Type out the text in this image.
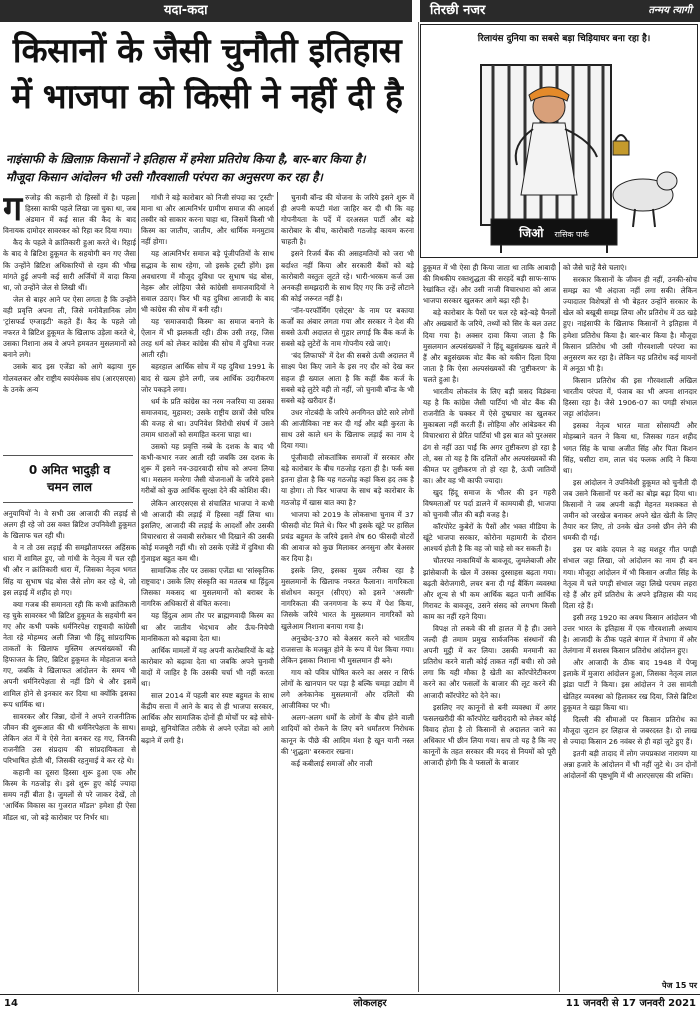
यदा-कदा	तिरछी नजर	तन्मय त्यागी
किसानों के जैसी चुनौती इतिहास
में भाजपा को किसी ने नहीं दी है
रिलायंस दुनिया का सबसे बड़ा चिड़ियाघर बना रहा है।
जिओ रासिक पार्क
नाइंसाफी के ख़िलाफ़ किसानों ने इतिहास में हमेशा प्रतिरोध किया है, बार-बार किया है।
मौजूदा किसान आंदोलन भी उसी गौरवशाली परंपरा का अनुसरण कर रहा है।
ग रुजोड़ की कहानी दो हिस्सों में है। पहला हिस्सा काफी पहले लिखा जा चुका था, जब अंडमान में कई साल की कैद के बाद विनायक दामोदर सावरकर को रिहा कर दिया गया।

कैद के पहले वे क्रांतिकारी हुआ करते थे। रिहाई के बाद वे ब्रिटिश हुकूमत के सहयोगी बन गए जैसा कि उन्होंने ब्रिटिश अधिकारियों से रहम की भीख मांगते हुई अपनी कई सारी अर्जियों में वादा किया था, जो उन्होंने जेल से लिखी थीं।

जेल से बाहर आने पर ऐसा लगता है कि उन्होंने वही प्रवृत्ति अपना ली, जिसे मनोवैज्ञानिक लोग 'ट्रांसफर्ड एग्जाइटी' कहते हैं। कैद के पहले जो नफरत वे ब्रिटिश हुकूमत के खिलाफ उड़ेला करते थे, उसका निशाना अब वे अपने हमवतन मुसलमानों को बनाने लगे।

उसके बाद इस एजेंडा को आगे बढ़ाया गुरु गोलवलकर और राष्ट्रीय स्वयंसेवक संघ (आरएसएस) के उनके अन्य

0 अमित भादुड़ी व
चमन लाल

अनुयायियों ने। वे सभी उस आजादी की लड़ाई से अलग ही रहे जो उस वक्त ब्रिटिश उपनिवेशी हुकूमत के खिलाफ चल रही थी।

वे न तो उस लड़ाई की समझौतापरस्त अहिंसक धारा में शामिल हुए, जो गांधी के नेतृत्व में चल रही थी और न क्रांतिकारी धारा में, जिसका नेतृत्व भगत सिंह या सुभाष चंद्र बोस जैसे लोग कर रहे थे, जो इस लड़ाई में शहीद हो गए।

क्या गजब की समानता रही कि कभी क्रांतिकारी रह चुके सावरकर भी ब्रिटिश हुकूमत के सहयोगी बन गए और कभी पक्के धर्मनिरपेक्ष राष्ट्रवादी कांग्रेसी नेता रहे मोहम्मद अली जिन्ना भी हिंदू सांप्रदायिक ताकतों के खिलाफ मुस्लिम अल्पसंख्यकों की हिफाजत के लिए, ब्रिटिश हुकूमत के मोहताज बनते गए, जबकि वे खिलाफत आंदोलन के समय भी अपनी धर्मनिरपेक्षता से नहीं डिगे थे और इसमें शामिल होने से इनकार कर दिया था क्योंकि इसका रूप धार्मिक था।

सावरकर और जिन्ना, दोनों ने अपने राजनीतिक जीवन की शुरूआत की थी धर्मनिरपेक्षता के साथ। लेकिन अंत में वे ऐसे नेता बनकर रह गए, जिनकी राजनीति उस संप्रदाय की सांप्रदायिकता से परिभाषित होती थी, जिसकी रहनुमाई वे कर रहे थे।

कहानी का दूसरा हिस्सा शुरू हुआ एक और किस्म के गठजोड़ से। इसे शुरू हुए कोई ज्यादा समय नहीं बीता है। जुमलों से परे जाकर देखें, तो 'आर्थिक विकास का गुजरात मॉडल' हमेशा ही ऐसा मॉडल था, जो बड़े कारोबार पर निर्भर था।

गांधी ने बड़े कारोबार को निजी संपदा का 'ट्रस्टी' माना था और आत्मनिर्भर ग्रामीण समाज की आदर्श तस्वीर को साकार करना चाहा था, जिसमें किसी भी किस्म का जातीय, जातीय, और धार्मिक मनमुटाव नहीं होगा।

यह आत्मनिर्भर समाज बड़े पूंजीपतियों के साथ सद्भाव के साथ रहेगा, जो इसके ट्रस्टी होंगे। इस अवधारणा में मौजूद दुविधा पर सुभाष चंद्र बोस, नेहरू और लोहिया जैसे कांग्रेसी समाजवादियों ने सवाल उठाए। फिर भी यह दुविधा आजादी के बाद भी कांग्रेस की सोच में बनी रही।

यह 'समाजवादी किस्म' का समाज बनाने के ऐलान में भी झलकती रही। ठीक उसी तरह, जिस तरह धर्म को लेकर कांग्रेस की सोच में दुविधा नजर आती रही।

बहरहाल आर्थिक सोच में यह दुविधा 1991 के बाद से खत्म होने लगी, जब आर्थिक उदारीकरण जोर पकड़ने लगा।

धर्म के प्रति कांग्रेस का नरम नजरिया या उसका समाजवाद, मुहावरा; उसके राष्ट्रीय छात्रों जैसे चरित्र की वजह से था। उपनिवेश विरोधी संघर्ष में उसने तमाम धाराओं को समाहित करना चाहा था।

उसको यह प्रवृत्ति नब्बे के दशक के बाद भी कभी-कभार नजर आती रही जबकि उस दशक के शुरू में इसने नव-उदारवादी सोच को अपना लिया था। मसलन मनरेगा जैसी योजनाओं के जरिये इसने गरीबों को कुछ आर्थिक सुरक्षा देने की कोशिश की।

लेकिन आरएसएस से संचालित भाजपा ने कभी भी आजादी की लड़ाई में हिस्सा नहीं लिया था। इसलिए, आजादी की लड़ाई के आदर्शों और उसकी विचारधारा से जवाबी सरोकार भी दिखाने की उसकी कोई मजबूरी नहीं थी। सो उसके एजेंडे में दुविधा की गुंजाइश बहुत कम थी।

सामाजिक तौर पर उसका एजेंडा था 'सांस्कृतिक राष्ट्रवाद'। उसके लिए संस्कृति का मतलब था हिंदुत्व जिसका मकसद था मुसलमानों को बराबर के नागरिक अधिकारों से वंचित करना।

यह हिंदुत्व आम तौर पर ब्राह्मणवादी किस्म का था और जातीय भेदभाव और ऊँच-निचेपी मानसिकता को बढ़ावा देता था।

आर्थिक मामलों में यह अपनी कारोबारियों के बड़े कारोबार को बढ़ावा देता था जबकि अपने चुनावी वादों में जाहिर है कि उसकी चर्चा भी नहीं करता था।

साल 2014 में पहली बार स्पष्ट बहुमत के साथ केंद्रीय सत्ता में आने के बाद से ही भाजपा सरकार, आर्थिक और सामाजिक दोनों ही मोर्चों पर बड़े सोचे-समझे, सुनियोजित तरीके से अपने एजेंडा को आगे बढ़ाने में लगी है।

चुनावी बॉन्ड की योजना के जरिये इसने शुरू में ही अपनी कपटी मंशा जाहिर कर दी थी कि वह गोपनीयता के पर्दे में दरअसल पार्टी और बड़े कारोबार के बीच, कारोबारी गठजोड़ कायम करना चाहती है।

इसने रिजर्व बैंक की असहमतियों को जरा भी बर्दाश्त नहीं किया और सरकारी बैंकों को बड़े कारोबारी वस्तुतः लूटते रहे। भारी-भरकम कर्ज उस अनकही समझदारी के साथ दिए गए कि उन्हें लौटाने की कोई जरूरत नहीं है।

'नॉन-परफॉर्मिंग एसेट्स' के नाम पर बकाया कर्जों का अंबार लगता गया और सरकार ने देश की सबसे ऊंची अदालत से गुहार लगाई कि बैंक कर्ज के सबसे बड़े लुटेरों के नाम गोपनीय रखे जाएं।

'बंद लिफाफों' में देश की सबसे ऊंची अदालत में साक्ष्य पेश किए जाने के इस नए दौर को देख कर सहज ही ख्याल आता है कि कहीं बैंक कर्ज के सबसे बड़े लुटेरे वही तो नहीं, जो चुनावी बॉन्ड के भी सबसे बड़े खरीदार हैं।

उधर नोटबंदी के जरिये अनगिनत छोटे सारे लोगों की आजीविका नष्ट कर दी गई और बड़ी कुरता के साथ उसे काले धन के खिलाफ लड़ाई का नाम दे दिया गया।

पूंजीवादी लोकतांत्रिक समाजों में सरकार और बड़े कारोबार के बीच गठजोड़ रहता ही है। फर्क बस इतना होता है कि यह गठजोड़ कहां किस हद तक है या होगा। तो फिर भाजपा के साथ बड़े कारोबार के गठजोड़ में खास बात क्या है?

भाजपा को 2019 के लोकसभा चुनाव में 37 फीसदी वोट मिले थे। फिर भी इसके खूंटे पर हासिल प्रचंड बहुमत के जरिये इसने शेष 60 फीसदी वोटरों की आवाज को कुछ मिलाकर अनसुना और बेअसर कर दिया है।

इसके लिए, इसका मुख्य तरीका रहा है मुसलमानों के खिलाफ नफरत फैलाना। नागरिकता संशोधन कानून (सीएए) को इसने 'असली' नागरिकता की जनगणना के रूप में पेश किया, जिसके जरिये भारत के मुसलमान नागरिकों को खुलेआम निशाना बनाया गया है।

अनुच्छेद-370 को बेअसर करने को भारतीय राजसत्ता के मजबूत होने के रूप में पेश किया गया। लेकिन इसका निशाना भी मुसलमान ही बने।

गाय को पवित्र घोषित करने का असर न सिर्फ लोगों के खानपान पर पड़ा है बल्कि चमड़ा उद्योग में लगे अनेकानेक मुसलमानों और दलितों की आजीविका पर भी।

अलग-अलग धर्मों के लोगों के बीच होने वाली शादियों को रोकने के लिए बने धर्मांतरण निरोधक कानून के पीछे की आदिम मंशा है खून यानी नस्ल की 'शुद्धता' बरकरार रखना।

कई कबीलाई समाजों और नाजी

हुकूमत में भी ऐसा ही किया जाता था ताकि आबादी की मिथकीय रक्तशुद्धता की सरहदें बड़ी साफ-साफ रेखांकित रहें। और उसी नाजी विचारधारा को आज भाजपा सरकार खुलकर आगे बढ़ा रही है।

बड़े कारोबार के पैसों पर चल रहे बड़े-बड़े चैनलों और अखबारों के जरिये, तथ्यों को सिर के बल उलट दिया गया है। अक्सर दावा किया जाता है कि मुसलमान अल्पसंख्यकों ने हिंदू बहुसंख्यक खतरे में हैं और बहुसंख्यक वोट बैंक को यकीन दिला दिया जाता है कि ऐसा अल्पसंख्यकों की 'तुष्टीकरण' के चलते हुआ है।

भारतीय लोकतंत्र के लिए बड़ी त्रासद विडंबना यह है कि कांग्रेस जैसी पार्टियां भी वोट बैंक की राजनीति के चक्कर में ऐसे दुष्प्रचार का खुलकर मुकाबला नहीं करती हैं। लोहिया और आंबेडकर की विचारधारा से प्रेरित पार्टियां भी इस बात को पुरअसर ढंग से नहीं उठा पाईं कि अगर तुष्टीकरण हो रहा है तो, बस तो यह है कि दलितों और अल्पसंख्यकों की कीमत पर तुष्टीकरण तो हो रहा है, ऊंची जातियों का। और वह भी काफी ज्यादा।

खुद हिंदू समाज के भीतर की इन गहरी विषमताओं पर पर्दा डालने में कामयाबी ही, भाजपा को चुनावी जीत की बड़ी वजह है।

कॉरपोरेट कुबेरों के पैसों और भक्त मीडिया के खूंटे भाजपा सरकार, कोरोना महामारी के दौरान आश्चर्य होती है कि वह जो चाहे सो कर सकती है।

चौतरफा नाकामियों के बावजूद, जुमलेबाजी और झांसेबाजी के खेल में उसका दुस्साहस बढ़ता गया। बढ़ती बेरोजगारी, लचर बना दी गई बैंकिंग व्यवस्था और शून्य से भी कम आर्थिक बढ़त पानी आर्थिक गिरावट के बावजूद, उसने संसद को लगभग किसी काम का नहीं रहने दिया।

विपक्ष तो लकवे की सी हालत में है ही। उसने जल्दी ही तमाम प्रमुख सार्वजनिक संस्थानों की अपनी मुट्ठी में कर लिया। उसकी मनमानी का प्रतिरोध करने वाली कोई ताकत नहीं बची। सो उसे लगा कि यही मौका है खेती का कॉरपोरेटीकरण करने का और फसलों के बाजार की लूट करने की आजादी कॉरपोरेट को देने का।

इसलिए नए कानूनों से बनी व्यवस्था में अगर फसलखरीदी की कॉरपोरेट खरीददारी को लेकर कोई विवाद होता है तो किसानों से अदालत जाने का अधिकार भी छीन लिया गया। सच तो यह है कि नए कानूनों के तहत सरकार की मदद से नियमों को पूरी आजादी होगी कि वे फसलों के बाजार

को जैसे चाहें वैसे चलाएं।

सरकार किसानों के जीवन ही नहीं, उनकी-सोच समझ का भी अंदाजा नहीं लगा सकी। लेकिन ज्यादातर विशेषज्ञों से भी बेहतर उन्होंने सरकार के खेल को बखूबी समझ लिया और प्रतिरोध में उठ खड़े हुए। नाइंसाफी के खिलाफ किसानों ने इतिहास में हमेशा प्रतिरोध किया है। बार-बार किया है। मौजूदा किसान प्रतिरोध भी उसी गौरवशाली परंपरा का अनुसरण कर रहा है। लेकिन यह प्रतिरोध कई मायनों में अनूठा भी है।

किसान प्रतिरोध की इस गौरवशाली अखिल भारतीय परंपरा में, पंजाब का भी अपना शानदार हिस्सा रहा है। जैसे 1906-07 का पगड़ी संभाल जट्टा आंदोलन।

इसका नेतृत्व भारत माता सोसायटी और मोहब्बाने वतन ने किया था, जिसका गठन शहीद भगत सिंह के चाचा अजीत सिंह और पिता किशन सिंह, घसीटा राम, लाल चंद फलक आदि ने किया था।

इस आंदोलन ने उपनिवेशी हुकूमत को चुनौती दी जब उसने किसानों पर करों का बोझ बढ़ा दिया था। किसानों ने जब अपनी कड़ी मेहनत मशक्कत से जमीन को जरखेज बनाकर अपने खेत खेती के लिए तैयार कर लिए, तो उनके खेत उनसे छीन लेने की धमकी दी गई।

इस पर बांके दयाल ने वह मशहूर गीत पगड़ी संभाल जट्टा लिखा, जो आंदोलन का नाम ही बन गया। मौजूदा आंदोलन में भी किसान अजीत सिंह के नेतृत्व में चले पगड़ी संभाल जट्टा लिखे परचम लहरा रहे हैं और हमें प्रतिरोध के अपने इतिहास की याद दिला रहे हैं।

इसी तरह 1920 का अवध किसान आंदोलन भी उत्तर भारत के इतिहास में एक गौरवशाली अध्याय है। आजादी के ठीक पहले बंगाल में तेभागा में और तेलंगाना में सशस्त्र किसान प्रतिरोध आंदोलन हुए।

और आजादी के ठीक बाद 1948 में पेप्सू इलाके में मुजारा आंदोलन हुआ, जिसका नेतृत्व लाल झंडा पार्टी ने किया। इस आंदोलन ने उस सामंती खेतिहर व्यवस्था को हिलाकर रख दिया, जिसे ब्रिटिश हुकूमत ने खड़ा किया था।

दिल्ली की सीमाओं पर किसान प्रतिरोध का मौजूदा जुटान हर लिहाज से जबरदस्त है। दो लाख से ज्यादा किसान 26 नवंबर से ही वहां जुटे हुए हैं।

इतनी बड़ी तादाद में लोग जयप्रकाश नारायण या अन्ना हजारे के आंदोलन में भी नहीं जुटे थे। उन दोनों आंदोलनों की पृष्ठभूमि में थी आरएसएस की शक्ति।

पेज 15 पर
14	लोकलहर	11 जनवरी से 17 जनवरी 2021
